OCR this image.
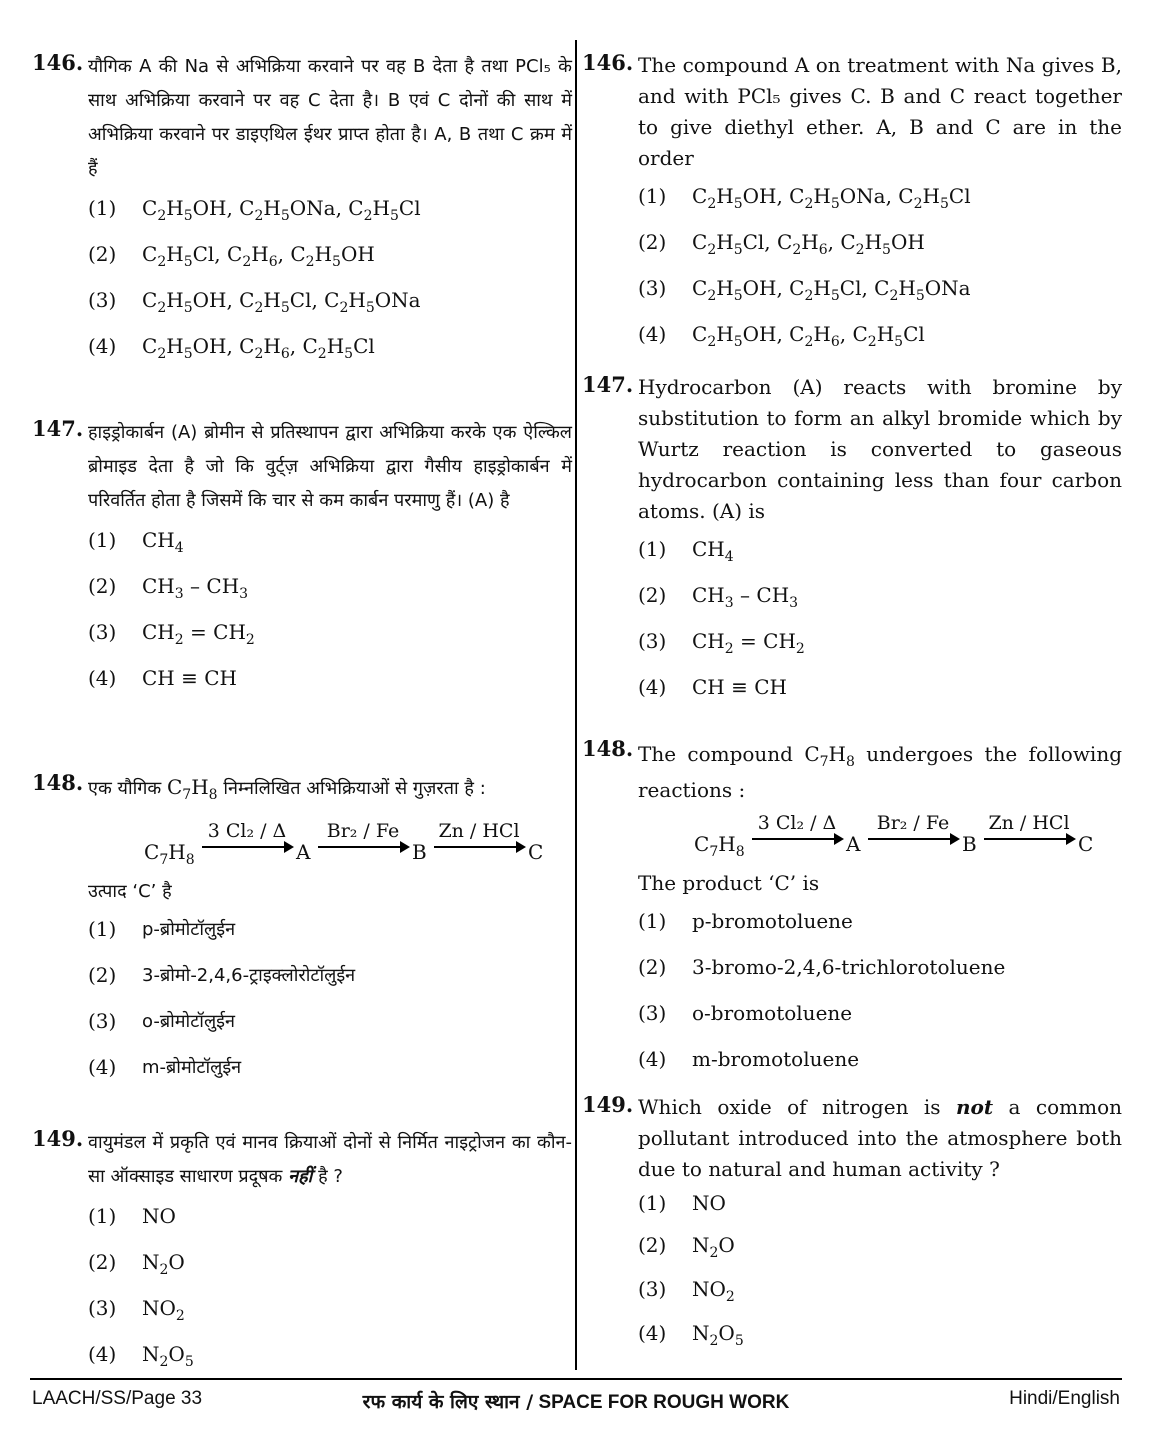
146. यौगिक A की Na से अभिक्रिया करवाने पर वह B देता है तथा PCl₅ के साथ अभिक्रिया करवाने पर वह C देता है। B एवं C दोनों की साथ में अभिक्रिया करवाने पर डाइएथिल ईथर प्राप्त होता है। A, B तथा C क्रम में हैं
(1) $C_2H_5OH$, $C_2H_5ONa$, $C_2H_5Cl$
(2) $C_2H_5Cl$, $C_2H_6$, $C_2H_5OH$
(3) $C_2H_5OH$, $C_2H_5Cl$, $C_2H_5ONa$
(4) $C_2H_5OH$, $C_2H_6$, $C_2H_5Cl$
147. हाइड्रोकार्बन (A) ब्रोमीन से प्रतिस्थापन द्वारा अभिक्रिया करके एक ऐल्किल ब्रोमाइड देता है जो कि वुर्ट्ज़ अभिक्रिया द्वारा गैसीय हाइड्रोकार्बन में परिवर्तित होता है जिसमें कि चार से कम कार्बन परमाणु हैं। (A) है
(1) $CH_4$
(2) $CH_3 - CH_3$
(3) $CH_2 = CH_2$
(4) CH ≡ CH
148. एक यौगिक $C_7H_8$ निम्नलिखित अभिक्रियाओं से गुज़रता है :
$C_7H_8$
3 Cl₂ / Δ
A
Br₂ / Fe
B
Zn / HCl
C
उत्पाद ‘C’ है
(1) p-ब्रोमोटॉलुईन
(2) 3-ब्रोमो-2,4,6-ट्राइक्लोरोटॉलुईन
(3) o-ब्रोमोटॉलुईन
(4) m-ब्रोमोटॉलुईन
149. वायुमंडल में प्रकृति एवं मानव क्रियाओं दोनों से निर्मित नाइट्रोजन का कौन-सा ऑक्साइड साधारण प्रदूषक नहीं है ?
(1) NO
(2) $N_2O$
(3) $NO_2$
(4) $N_2O_5$
146. The compound A on treatment with Na gives B, and with PCl₅ gives C. B and C react together to give diethyl ether. A, B and C are in the order
(1) $C_2H_5OH$, $C_2H_5ONa$, $C_2H_5Cl$
(2) $C_2H_5Cl$, $C_2H_6$, $C_2H_5OH$
(3) $C_2H_5OH$, $C_2H_5Cl$, $C_2H_5ONa$
(4) $C_2H_5OH$, $C_2H_6$, $C_2H_5Cl$
147. Hydrocarbon (A) reacts with bromine by substitution to form an alkyl bromide which by Wurtz reaction is converted to gaseous hydrocarbon containing less than four carbon atoms. (A) is
(1) $CH_4$
(2) $CH_3 - CH_3$
(3) $CH_2 = CH_2$
(4) CH ≡ CH
148. The compound $C_7H_8$ undergoes the following reactions :
$C_7H_8$
3 Cl₂ / Δ
A
Br₂ / Fe
B
Zn / HCl
C
The product ‘C’ is
(1) p-bromotoluene
(2) 3-bromo-2,4,6-trichlorotoluene
(3) o-bromotoluene
(4) m-bromotoluene
149. Which oxide of nitrogen is not a common pollutant introduced into the atmosphere both due to natural and human activity ?
(1) NO
(2) $N_2O$
(3) $NO_2$
(4) $N_2O_5$
LAACH/SS/Page 33	रफ कार्य के लिए स्थान / SPACE FOR ROUGH WORK	Hindi/English
